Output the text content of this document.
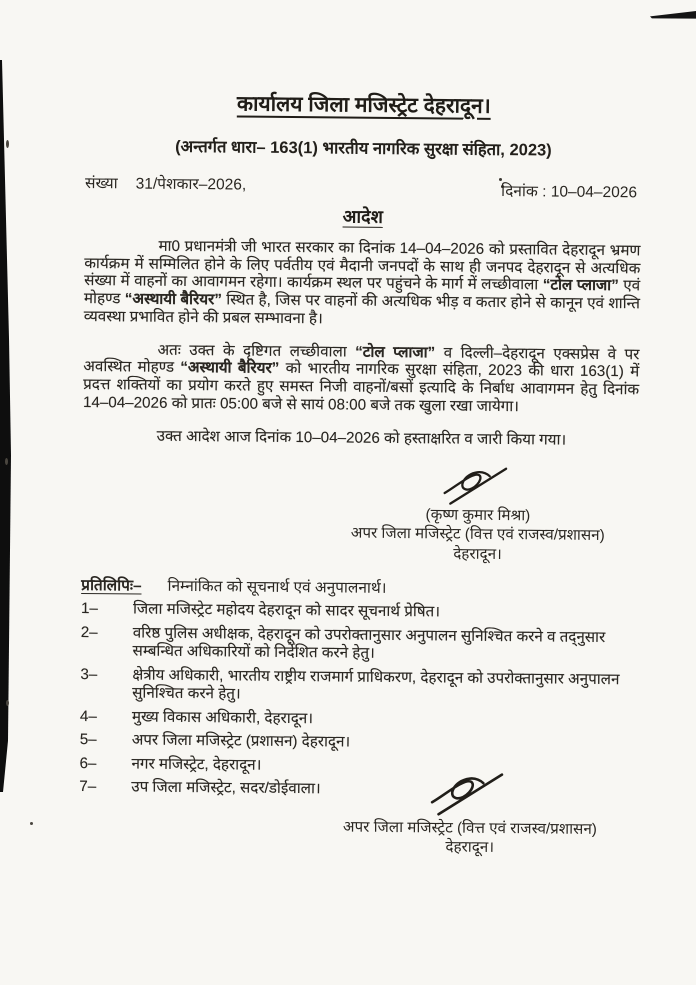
कार्यालय जिला मजिस्ट्रेट देहरादून।
(अन्तर्गत धारा– 163(1) भारतीय नागरिक सुरक्षा संहिता, 2023)
संख्या 31/पेशकार–2026,	दिनांक : 10–04–2026
आदेश

मा0 प्रधानमंत्री जी भारत सरकार का दिनांक 14–04–2026 को प्रस्तावित देहरादून भ्रमण कार्यक्रम में सम्मिलित होने के लिए पर्वतीय एवं मैदानी जनपदों के साथ ही जनपद देहरादून से अत्यधिक संख्या में वाहनों का आवागमन रहेगा। कार्यक्रम स्थल पर पहुंचने के मार्ग में लच्छीवाला “टोल प्लाजा” एवं मोहण्ड “अस्थायी बैरियर” स्थित है, जिस पर वाहनों की अत्यधिक भीड़ व कतार होने से कानून एवं शान्ति व्यवस्था प्रभावित होने की प्रबल सम्भावना है।

अतः उक्त के दृष्टिगत लच्छीवाला “टोल प्लाजा” व दिल्ली–देहरादून एक्सप्रेस वे पर अवस्थित मोहण्ड “अस्थायी बैरियर” को भारतीय नागरिक सुरक्षा संहिता, 2023 की धारा 163(1) में प्रदत्त शक्तियों का प्रयोग करते हुए समस्त निजी वाहनों/बसों इत्यादि के निर्बाध आवागमन हेतु दिनांक 14–04–2026 को प्रातः 05:00 बजे से सायं 08:00 बजे तक खुला रखा जायेगा।

उक्त आदेश आज दिनांक 10–04–2026 को हस्ताक्षरित व जारी किया गया।

(कृष्ण कुमार मिश्रा)
अपर जिला मजिस्ट्रेट (वित्त एवं राजस्व/प्रशासन)
देहरादून।
प्रतिलिपिः– निम्नांकित को सूचनार्थ एवं अनुपालनार्थ।
1–	जिला मजिस्ट्रेट महोदय देहरादून को सादर सूचनार्थ प्रेषित।
2–	वरिष्ठ पुलिस अधीक्षक, देहरादून को उपरोक्तानुसार अनुपालन सुनिश्चित करने व तद्नुसार सम्बन्धित अधिकारियों को निर्देशित करने हेतु।
3–	क्षेत्रीय अधिकारी, भारतीय राष्ट्रीय राजमार्ग प्राधिकरण, देहरादून को उपरोक्तानुसार अनुपालन सुनिश्चित करने हेतु।
4–	मुख्य विकास अधिकारी, देहरादून।
5–	अपर जिला मजिस्ट्रेट (प्रशासन) देहरादून।
6–	नगर मजिस्ट्रेट, देहरादून।
7–	उप जिला मजिस्ट्रेट, सदर/डोईवाला।
अपर जिला मजिस्ट्रेट (वित्त एवं राजस्व/प्रशासन)
देहरादून।
